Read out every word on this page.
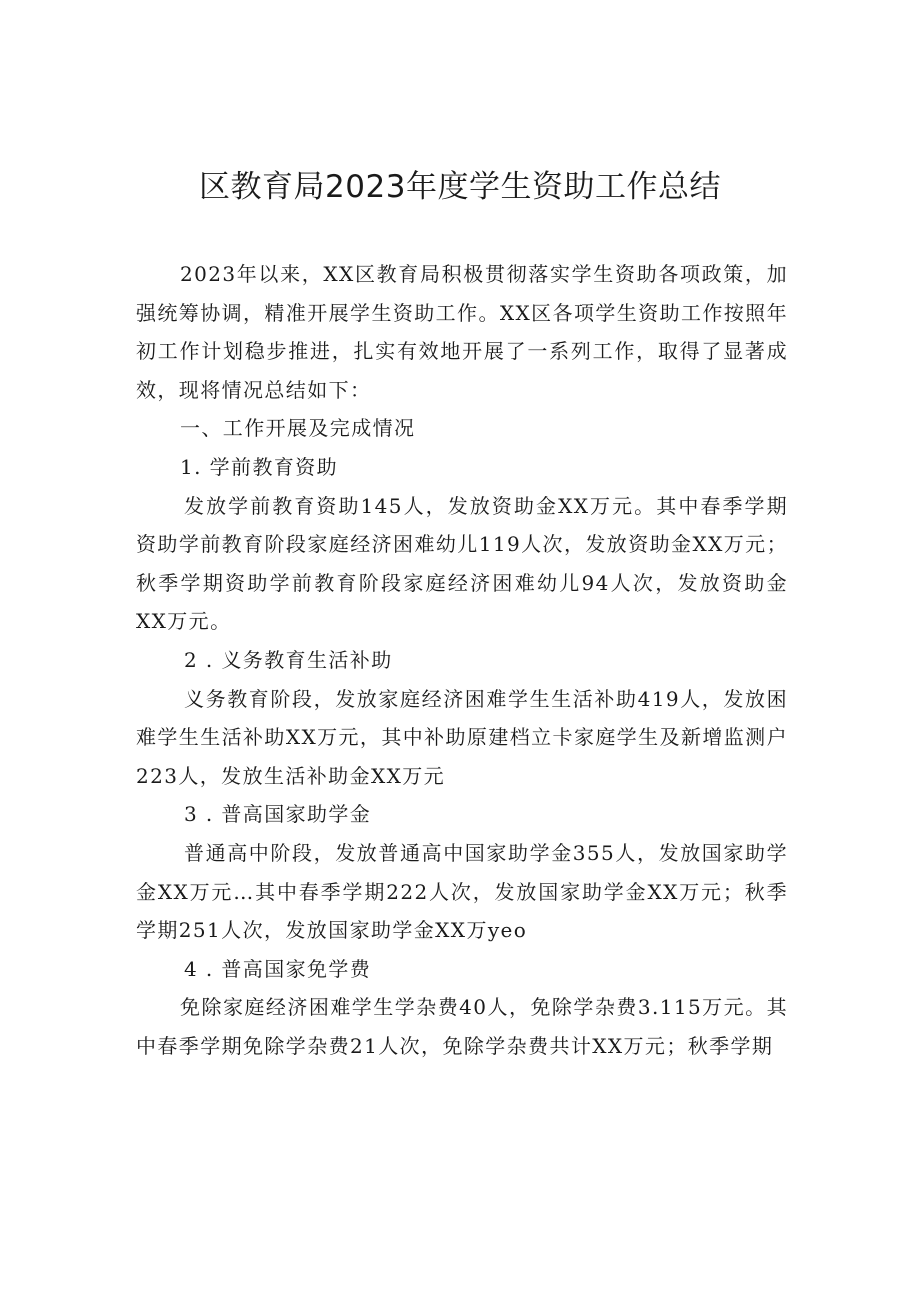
区教育局2023年度学生资助工作总结

2023年以来，XX区教育局积极贯彻落实学生资助各项政策，加强统筹协调，精准开展学生资助工作。XX区各项学生资助工作按照年初工作计划稳步推进，扎实有效地开展了一系列工作，取得了显著成效，现将情况总结如下：

一、工作开展及完成情况

1. 学前教育资助

发放学前教育资助145人，发放资助金XX万元。其中春季学期资助学前教育阶段家庭经济困难幼儿119人次，发放资助金XX万元；秋季学期资助学前教育阶段家庭经济困难幼儿94人次，发放资助金XX万元。

2 . 义务教育生活补助

义务教育阶段，发放家庭经济困难学生生活补助419人，发放困难学生生活补助XX万元，其中补助原建档立卡家庭学生及新增监测户223人，发放生活补助金XX万元

3 . 普高国家助学金

普通高中阶段，发放普通高中国家助学金355人，发放国家助学金XX万元…其中春季学期222人次，发放国家助学金XX万元；秋季学期251人次，发放国家助学金XX万yeo

4 . 普高国家免学费

免除家庭经济困难学生学杂费40人，免除学杂费3.115万元。其中春季学期免除学杂费21人次，免除学杂费共计XX万元；秋季学期
